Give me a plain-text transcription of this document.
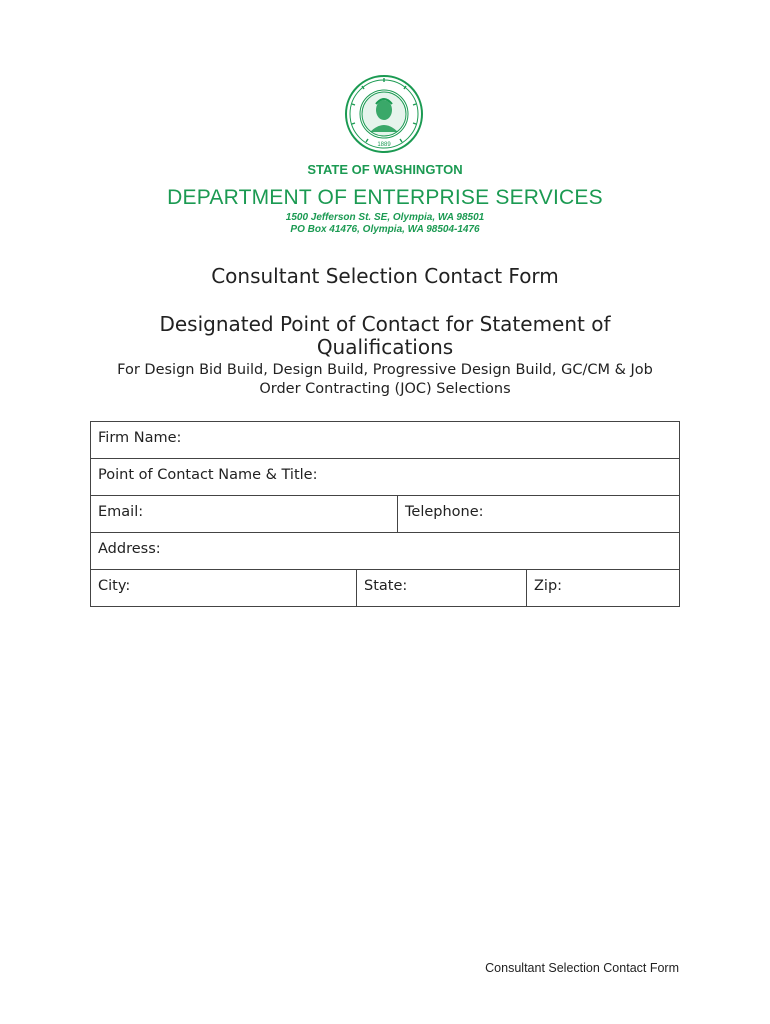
1889
STATE OF WASHINGTON
DEPARTMENT OF ENTERPRISE SERVICES
1500 Jefferson St. SE, Olympia, WA 98501
PO Box 41476, Olympia, WA 98504-1476
Consultant Selection Contact Form
Designated Point of Contact for Statement of Qualifications
For Design Bid Build, Design Build, Progressive Design Build, GC/CM & Job Order Contracting (JOC) Selections
Firm Name:
Point of Contact Name & Title:
Email:	Telephone:
Address:
City:	State:	Zip:
Consultant Selection Contact Form
